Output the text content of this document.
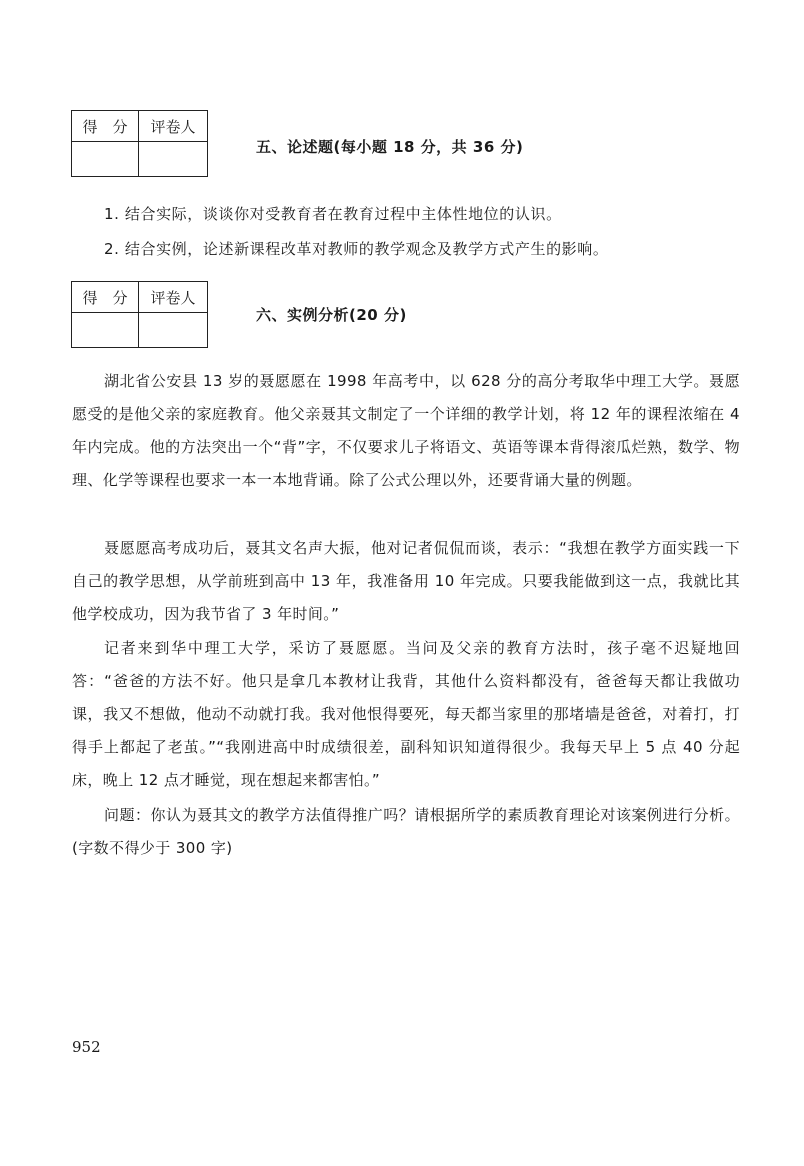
得　分	评卷人

五、论述题(每小题 18 分，共 36 分)
1. 结合实际，谈谈你对受教育者在教育过程中主体性地位的认识。
2. 结合实例，论述新课程改革对教师的教学观念及教学方式产生的影响。
得　分	评卷人

六、实例分析(20 分)
湖北省公安县 13 岁的聂愿愿在 1998 年高考中，以 628 分的高分考取华中理工大学。聂愿愿受的是他父亲的家庭教育。他父亲聂其文制定了一个详细的教学计划，将 12 年的课程浓缩在 4 年内完成。他的方法突出一个“背”字，不仅要求儿子将语文、英语等课本背得滚瓜烂熟，数学、物理、化学等课程也要求一本一本地背诵。除了公式公理以外，还要背诵大量的例题。
聂愿愿高考成功后，聂其文名声大振，他对记者侃侃而谈，表示：“我想在教学方面实践一下自己的教学思想，从学前班到高中 13 年，我准备用 10 年完成。只要我能做到这一点，我就比其他学校成功，因为我节省了 3 年时间。”
记者来到华中理工大学，采访了聂愿愿。当问及父亲的教育方法时，孩子毫不迟疑地回答：“爸爸的方法不好。他只是拿几本教材让我背，其他什么资料都没有，爸爸每天都让我做功课，我又不想做，他动不动就打我。我对他恨得要死，每天都当家里的那堵墙是爸爸，对着打，打得手上都起了老茧。”“我刚进高中时成绩很差，副科知识知道得很少。我每天早上 5 点 40 分起床，晚上 12 点才睡觉，现在想起来都害怕。”
问题：你认为聂其文的教学方法值得推广吗？请根据所学的素质教育理论对该案例进行分析。(字数不得少于 300 字)
952
